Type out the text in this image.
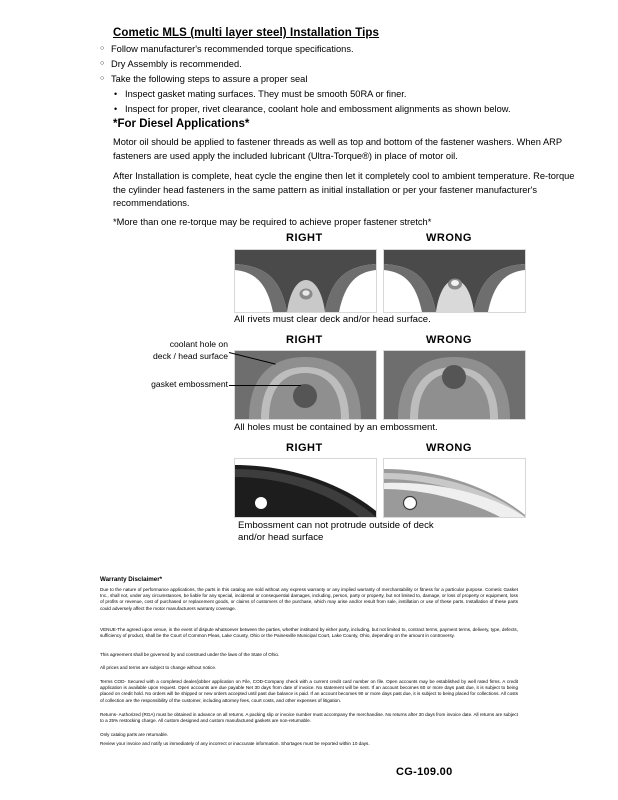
Cometic MLS (multi layer steel) Installation Tips
○ Follow manufacturer's recommended torque specifications.
○ Dry Assembly is recommended.
○ Take the following steps to assure a proper seal
• Inspect gasket mating surfaces. They must be smooth 50RA or finer.
• Inspect for proper, rivet clearance, coolant hole and embossment alignments as shown below.
*For Diesel Applications*
Motor oil should be applied to fastener threads as well as top and bottom of the fastener washers. When ARP fasteners are used apply the included lubricant (Ultra-Torque®) in place of motor oil.
After Installation is complete, heat cycle the engine then let it completely cool to ambient temperature. Re-torque the cylinder head fasteners in the same pattern as initial installation or per your fastener manufacturer's recommendations.
*More than one re-torque may be required to achieve proper fastener stretch*
RIGHT	WRONG
All rivets must clear deck and/or head surface.
RIGHT	WRONG
coolant hole on
deck / head surface
gasket embossment
All holes must be contained by an embossment.
RIGHT	WRONG
Embossment can not protrude outside of deck
and/or head surface
Warranty Disclaimer*
Due to the nature of performance applications, the parts in this catalog are sold without any express warranty or any implied warranty of merchantability or fitness for a particular purpose. Cometic Gasket Inc., shall not, under any circumstances, be liable for any special, incidental or consequential damages, including, person, party or property, but not limited to, damage, or loss of property or equipment, loss of profits or revenue, cost of purchased or replacement goods, or claims of customers of the purchase, which may arise and/or result from sale, instillation or use of these parts. Installation of these parts could adversely affect the motor manufacturers warranty coverage.
VENUE-The agreed upon venue, in the event of dispute whatsoever between the parties, whether instituted by either party, including, but not limited to, contract terms, payment terms, delivery, type, defects, sufficiency of product, shall be the Court of Common Pleas, Lake County, Ohio or the Painesville Municipal Court, Lake County, Ohio, depending on the amount in controversy.
This agreement shall be governed by and construed under the laws of the State of Ohio.
All prices and terms are subject to change without notice.
Terms COD- Secured with a completed dealer/jobber application on File, COD-Company check with a current credit card number on file. Open accounts may be established by well rated firms. A credit application is available upon request. Open accounts are due payable Net 30 days from date of invoice. No statement will be sent. If an account becomes 60 or more days past due, it is subject to being placed on credit hold. No orders will be shipped or new orders accepted until past due balance is paid. If an account becomes 90 or more days past due, it is subject to being placed for collections. All costs of collection are the responsibility of the customer, including attorney fees, court costs, and other expenses of litigation.
Returns- Authorized (RGA) must be obtained in advance on all returns. A packing slip or invoice number must accompany the merchandise. No returns after 30 days from invoice date. All returns are subject to a 25% restocking charge. All custom designed and custom manufactured gaskets are non-returnable.
Only catalog parts are returnable.
Review your invoice and notify us immediately of any incorrect or inaccurate information. Shortages must be reported within 10 days.
CG-109.00
